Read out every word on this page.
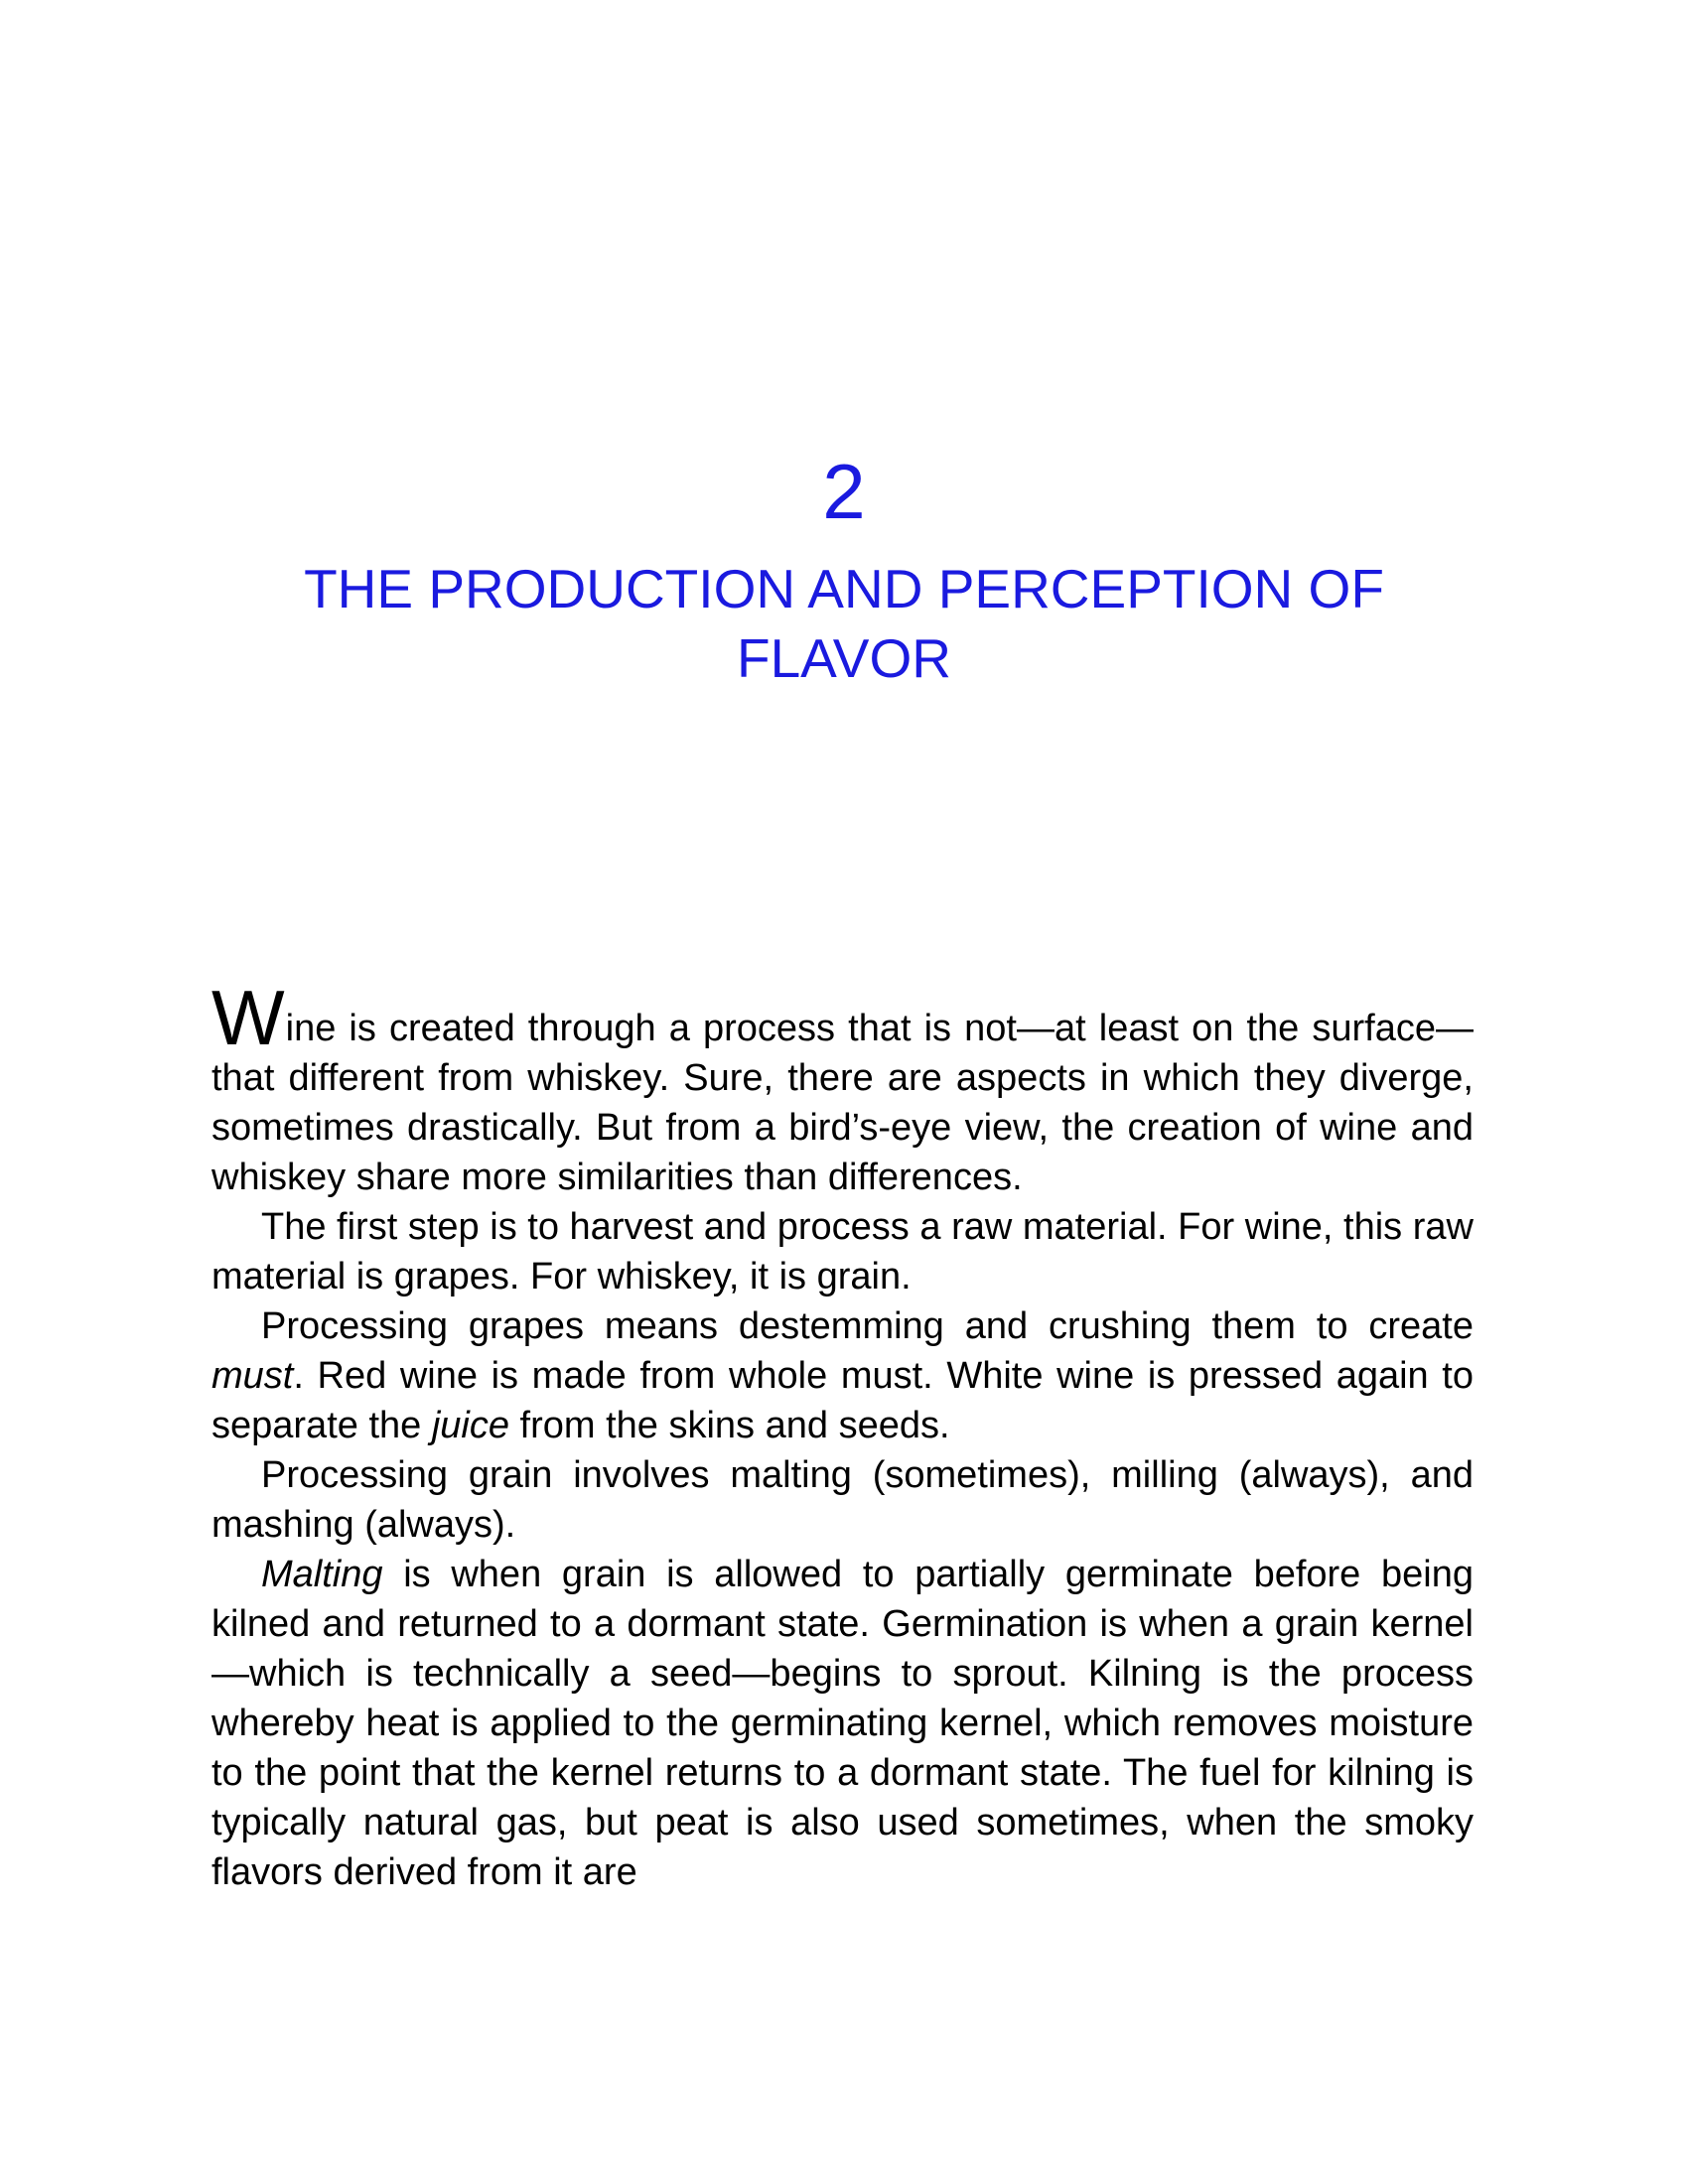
2
THE PRODUCTION AND PERCEPTION OF FLAVOR

Wine is created through a process that is not—at least on the surface—that different from whiskey. Sure, there are aspects in which they diverge, sometimes drastically. But from a bird’s-eye view, the creation of wine and whiskey share more similarities than differences.

The first step is to harvest and process a raw material. For wine, this raw material is grapes. For whiskey, it is grain.

Processing grapes means destemming and crushing them to create must. Red wine is made from whole must. White wine is pressed again to separate the juice from the skins and seeds.

Processing grain involves malting (sometimes), milling (always), and mashing (always).

Malting is when grain is allowed to partially germinate before being kilned and returned to a dormant state. Germination is when a grain kernel—which is technically a seed—begins to sprout. Kilning is the process whereby heat is applied to the germinating kernel, which removes moisture to the point that the kernel returns to a dormant state. The fuel for kilning is typically natural gas, but peat is also used sometimes, when the smoky flavors derived from it are
